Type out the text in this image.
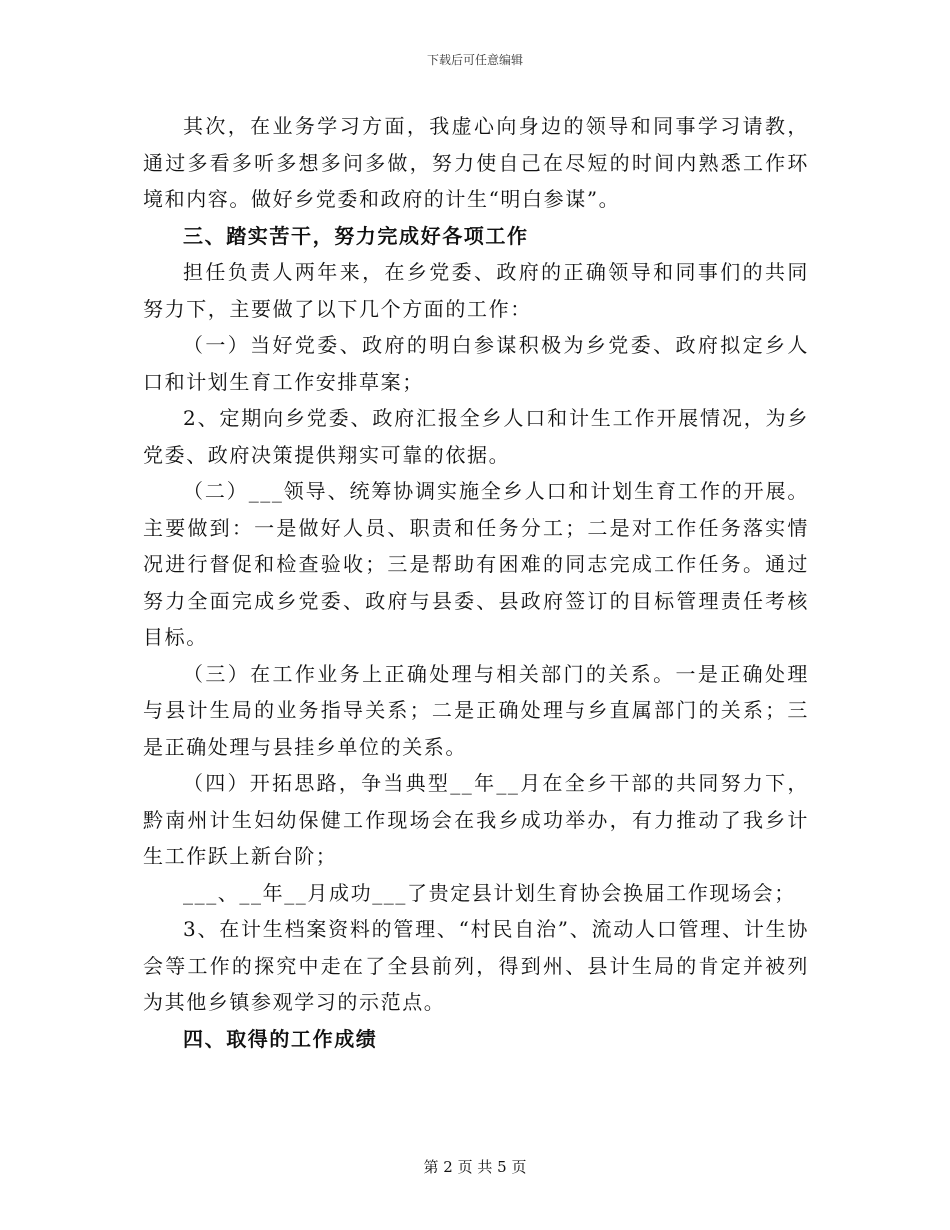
下载后可任意编辑

其次，在业务学习方面，我虚心向身边的领导和同事学习请教，通过多看多听多想多问多做，努力使自己在尽短的时间内熟悉工作环境和内容。做好乡党委和政府的计生“明白参谋”。

三、踏实苦干，努力完成好各项工作

担任负责人两年来，在乡党委、政府的正确领导和同事们的共同努力下，主要做了以下几个方面的工作：

（一）当好党委、政府的明白参谋积极为乡党委、政府拟定乡人口和计划生育工作安排草案；

2、定期向乡党委、政府汇报全乡人口和计生工作开展情况，为乡党委、政府决策提供翔实可靠的依据。

（二）___领导、统筹协调实施全乡人口和计划生育工作的开展。主要做到：一是做好人员、职责和任务分工；二是对工作任务落实情况进行督促和检查验收；三是帮助有困难的同志完成工作任务。通过努力全面完成乡党委、政府与县委、县政府签订的目标管理责任考核目标。

（三）在工作业务上正确处理与相关部门的关系。一是正确处理与县计生局的业务指导关系；二是正确处理与乡直属部门的关系；三是正确处理与县挂乡单位的关系。

（四）开拓思路，争当典型__年__月在全乡干部的共同努力下，黔南州计生妇幼保健工作现场会在我乡成功举办，有力推动了我乡计生工作跃上新台阶；

___、__年__月成功___了贵定县计划生育协会换届工作现场会；

3、在计生档案资料的管理、“村民自治”、流动人口管理、计生协会等工作的探究中走在了全县前列，得到州、县计生局的肯定并被列为其他乡镇参观学习的示范点。

四、取得的工作成绩

第 2 页 共 5 页
